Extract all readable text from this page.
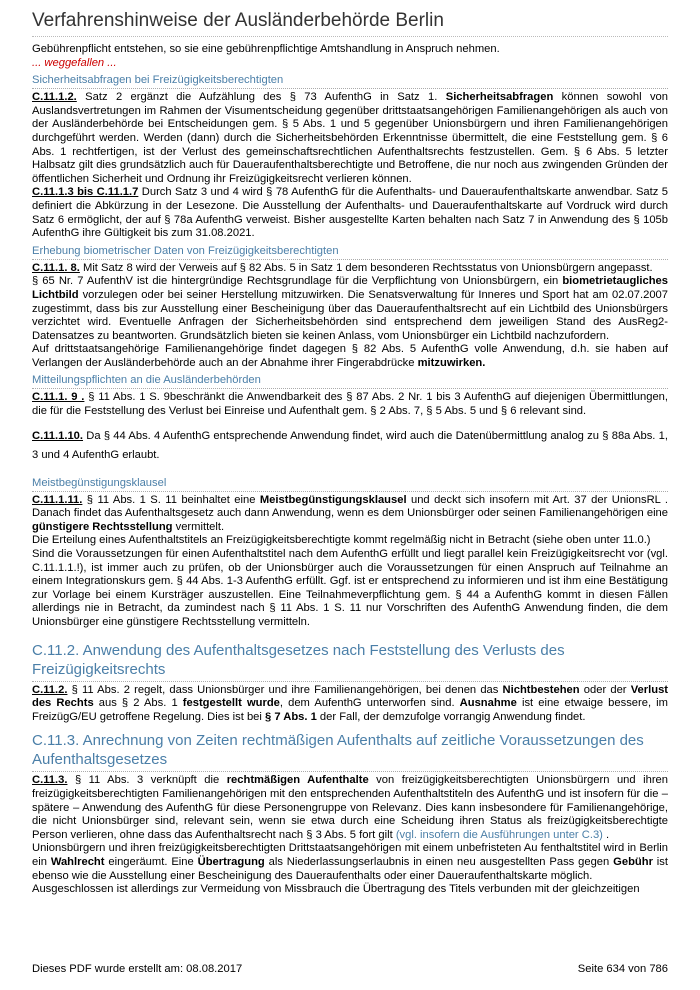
Verfahrenshinweise der Ausländerbehörde Berlin

Gebührenpflicht entstehen, so sie eine gebührenpflichtige Amtshandlung in Anspruch nehmen.

... weggefallen ...

Sicherheitsabfragen bei Freizügigkeitsberechtigten

C.11.1.2. Satz 2 ergänzt die Aufzählung des § 73 AufenthG in Satz 1. Sicherheitsabfragen können sowohl von Auslandsvertretungen im Rahmen der Visumentscheidung gegenüber drittstaatsangehörigen Familienangehörigen als auch von der Ausländerbehörde bei Entscheidungen gem. § 5 Abs. 1 und 5 gegenüber Unionsbürgern und ihren Familienangehörigen durchgeführt werden. Werden (dann) durch die Sicherheitsbehörden Erkenntnisse übermittelt, die eine Feststellung gem. § 6 Abs. 1 rechtfertigen, ist der Verlust des gemeinschaftsrechtlichen Aufenthaltsrechts festzustellen. Gem. § 6 Abs. 5 letzter Halbsatz gilt dies grundsätzlich auch für Daueraufenthaltsberechtigte und Betroffene, die nur noch aus zwingenden Gründen der öffentlichen Sicherheit und Ordnung ihr Freizügigkeitsrecht verlieren können.

C.11.1.3 bis C.11.1.7 Durch Satz 3 und 4 wird § 78 AufenthG für die Aufenthalts- und Daueraufenthaltskarte anwendbar. Satz 5 definiert die Abkürzung in der Lesezone. Die Ausstellung der Aufenthalts- und Daueraufenthaltskarte auf Vordruck wird durch Satz 6 ermöglicht, der auf § 78a AufenthG verweist. Bisher ausgestellte Karten behalten nach Satz 7 in Anwendung des § 105b AufenthG ihre Gültigkeit bis zum 31.08.2021.

Erhebung biometrischer Daten von Freizügigkeitsberechtigten

C.11.1. 8. Mit Satz 8 wird der Verweis auf § 82 Abs. 5 in Satz 1 dem besonderen Rechtsstatus von Unionsbürgern angepasst.

§ 65 Nr. 7 AufenthV ist die hintergründige Rechtsgrundlage für die Verpflichtung von Unionsbürgern, ein biometrietaugliches Lichtbild vorzulegen oder bei seiner Herstellung mitzuwirken. Die Senatsverwaltung für Inneres und Sport hat am 02.07.2007 zugestimmt, dass bis zur Ausstellung einer Bescheinigung über das Daueraufenthaltsrecht auf ein Lichtbild des Unionsbürgers verzichtet wird. Eventuelle Anfragen der Sicherheitsbehörden sind entsprechend dem jeweiligen Stand des AusReg2-Datensatzes zu beantworten. Grundsätzlich bieten sie keinen Anlass, vom Unionsbürger ein Lichtbild nachzufordern.

Auf drittstaatsangehörige Familienangehörige findet dagegen § 82 Abs. 5 AufenthG volle Anwendung, d.h. sie haben auf Verlangen der Ausländerbehörde auch an der Abnahme ihrer Fingerabdrücke mitzuwirken.

Mitteilungspflichten an die Ausländerbehörden

C.11.1. 9 . § 11 Abs. 1 S. 9beschränkt die Anwendbarkeit des § 87 Abs. 2 Nr. 1 bis 3 AufenthG auf diejenigen Übermittlungen, die für die Feststellung des Verlust bei Einreise und Aufenthalt gem. § 2 Abs. 7, § 5 Abs. 5 und § 6 relevant sind.

C.11.1.10. Da § 44 Abs. 4 AufenthG entsprechende Anwendung findet, wird auch die Datenübermittlung analog zu § 88a Abs. 1, 3 und 4 AufenthG erlaubt.

Meistbegünstigungsklausel

C.11.1.11. § 11 Abs. 1 S. 11 beinhaltet eine Meistbegünstigungsklausel und deckt sich insofern mit Art. 37 der UnionsRL . Danach findet das Aufenthaltsgesetz auch dann Anwendung, wenn es dem Unionsbürger oder seinen Familienangehörigen eine günstigere Rechtsstellung vermittelt.

Die Erteilung eines Aufenthaltstitels an Freizügigkeitsberechtigte kommt regelmäßig nicht in Betracht (siehe oben unter 11.0.)

Sind die Voraussetzungen für einen Aufenthaltstitel nach dem AufenthG erfüllt und liegt parallel kein Freizügigkeitsrecht vor (vgl. C.11.1.1.!), ist immer auch zu prüfen, ob der Unionsbürger auch die Voraussetzungen für einen Anspruch auf Teilnahme an einem Integrationskurs gem. § 44 Abs. 1-3 AufenthG erfüllt. Ggf. ist er entsprechend zu informieren und ist ihm eine Bestätigung zur Vorlage bei einem Kursträger auszustellen. Eine Teilnahmeverpflichtung gem. § 44 a AufenthG kommt in diesen Fällen allerdings nie in Betracht, da zumindest nach § 11 Abs. 1 S. 11 nur Vorschriften des AufenthG Anwendung finden, die dem Unionsbürger eine günstigere Rechtsstellung vermitteln.

C.11.2. Anwendung des Aufenthaltsgesetzes nach Feststellung des Verlusts des Freizügigkeitsrechts

C.11.2. § 11 Abs. 2 regelt, dass Unionsbürger und ihre Familienangehörigen, bei denen das Nichtbestehen oder der Verlust des Rechts aus § 2 Abs. 1 festgestellt wurde, dem AufenthG unterworfen sind. Ausnahme ist eine etwaige bessere, im FreizügG/EU getroffene Regelung. Dies ist bei § 7 Abs. 1 der Fall, der demzufolge vorrangig Anwendung findet.

C.11.3. Anrechnung von Zeiten rechtmäßigen Aufenthalts auf zeitliche Voraussetzungen des Aufenthaltsgesetzes

C.11.3. § 11 Abs. 3 verknüpft die rechtmäßigen Aufenthalte von freizügigkeitsberechtigten Unionsbürgern und ihren freizügigkeitsberechtigten Familienangehörigen mit den entsprechenden Aufenthaltstiteln des AufenthG und ist insofern für die – spätere – Anwendung des AufenthG für diese Personengruppe von Relevanz. Dies kann insbesondere für Familienangehörige, die nicht Unionsbürger sind, relevant sein, wenn sie etwa durch eine Scheidung ihren Status als freizügigkeitsberechtigte Person verlieren, ohne dass das Aufenthaltsrecht nach § 3 Abs. 5 fort gilt (vgl. insofern die Ausführungen unter C.3) .

Unionsbürgern und ihren freizügigkeitsberechtigten Drittstaatsangehörigen mit einem unbefristeten Au fenthaltstitel wird in Berlin ein Wahlrecht eingeräumt. Eine Übertragung als Niederlassungserlaubnis in einen neu ausgestellten Pass gegen Gebühr ist ebenso wie die Ausstellung einer Bescheinigung des Daueraufenthalts oder einer Daueraufenthaltskarte möglich.

Ausgeschlossen ist allerdings zur Vermeidung von Missbrauch die Übertragung des Titels verbunden mit der gleichzeitigen

Dieses PDF wurde erstellt am: 08.08.2017	Seite 634 von 786
